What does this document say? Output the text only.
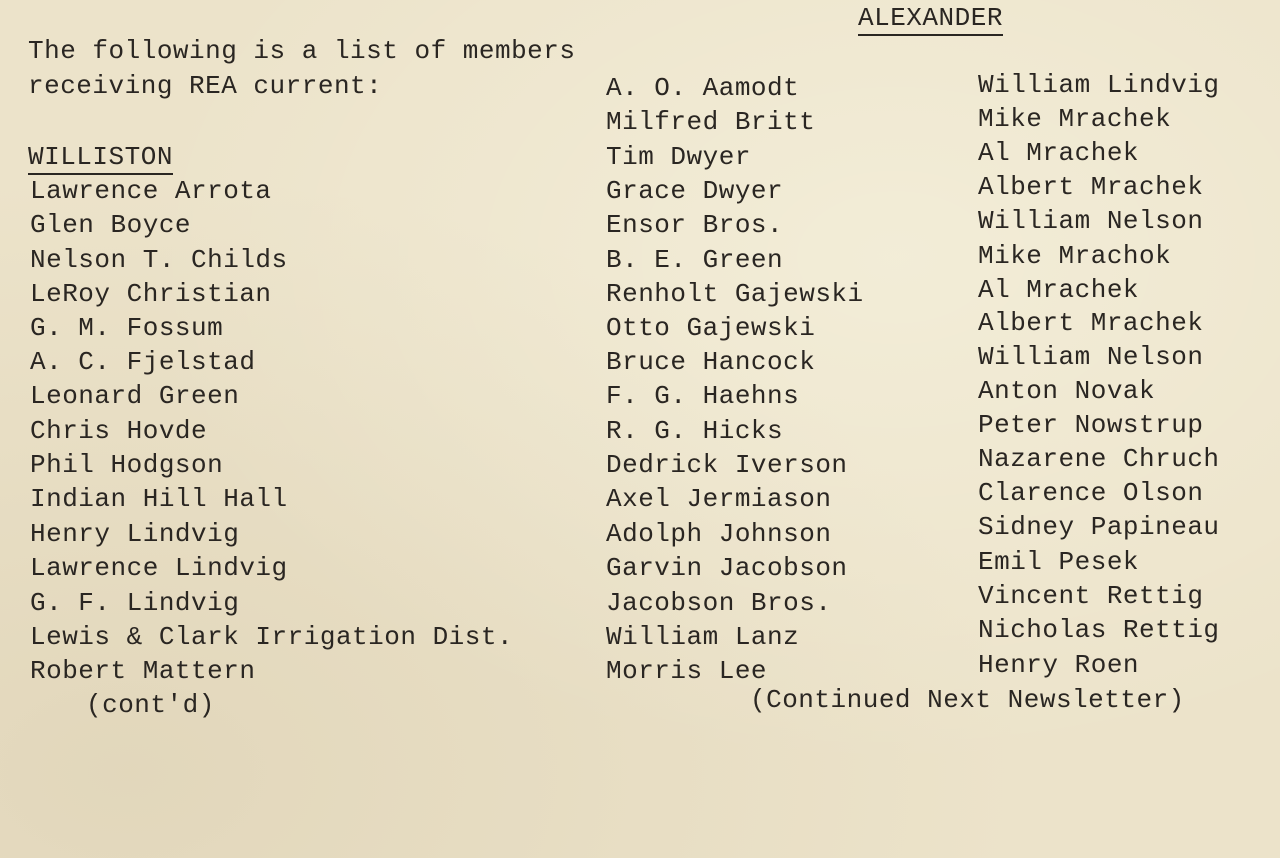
The following is a list of members
receiving REA current:
WILLISTON
Lawrence Arrota
Glen Boyce
Nelson T. Childs
LeRoy Christian
G. M. Fossum
A. C. Fjelstad
Leonard Green
Chris Hovde
Phil Hodgson
Indian Hill Hall
Henry Lindvig
Lawrence Lindvig
G. F. Lindvig
Lewis & Clark Irrigation Dist.
Robert Mattern
(cont'd)
A. O. Aamodt
Milfred Britt
Tim Dwyer
Grace Dwyer
Ensor Bros.
B. E. Green
Renholt Gajewski
Otto Gajewski
Bruce Hancock
F. G. Haehns
R. G. Hicks
Dedrick Iverson
Axel Jermiason
Adolph Johnson
Garvin Jacobson
Jacobson Bros.
William Lanz
Morris Lee
(Continued Next Newsletter)
ALEXANDER
William Lindvig
Mike Mrachek
Al Mrachek
Albert Mrachek
William Nelson
Mike Mrachok
Al Mrachek
Albert Mrachek
William Nelson
Anton Novak
Peter Nowstrup
Nazarene Chruch
Clarence Olson
Sidney Papineau
Emil Pesek
Vincent Rettig
Nicholas Rettig
Henry Roen
